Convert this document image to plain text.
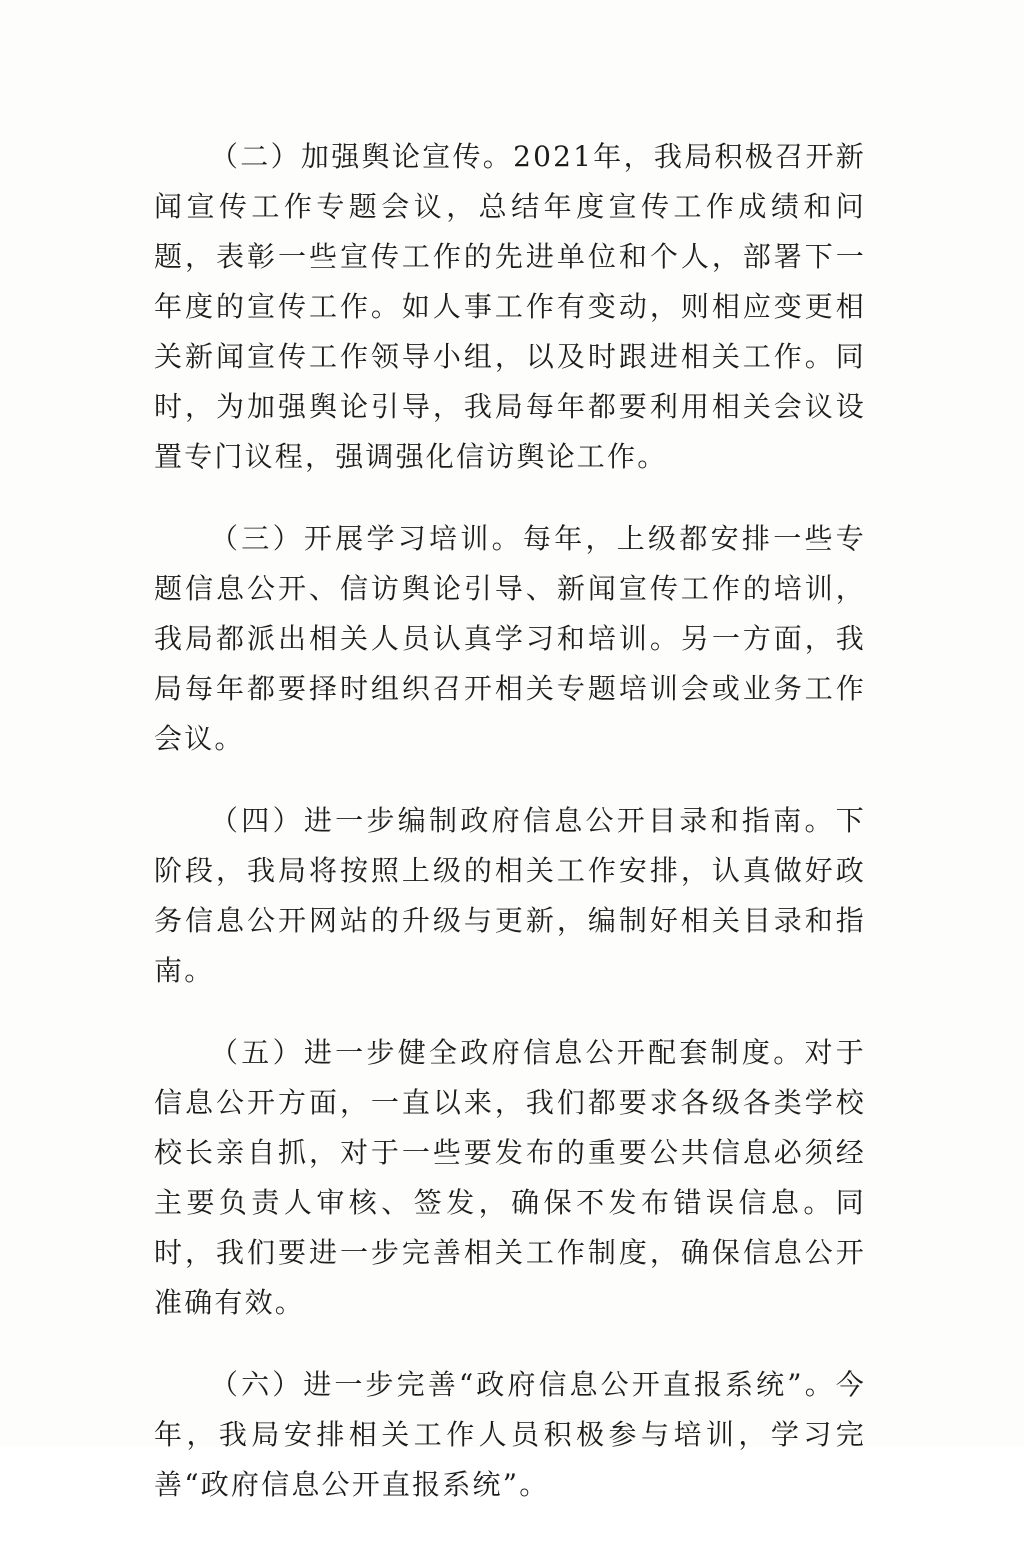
（二）加强舆论宣传。2021年，我局积极召开新闻宣传工作专题会议，总结年度宣传工作成绩和问题，表彰一些宣传工作的先进单位和个人，部署下一年度的宣传工作。如人事工作有变动，则相应变更相关新闻宣传工作领导小组，以及时跟进相关工作。同时，为加强舆论引导，我局每年都要利用相关会议设置专门议程，强调强化信访舆论工作。

（三）开展学习培训。每年，上级都安排一些专题信息公开、信访舆论引导、新闻宣传工作的培训，我局都派出相关人员认真学习和培训。另一方面，我局每年都要择时组织召开相关专题培训会或业务工作会议。

（四）进一步编制政府信息公开目录和指南。下阶段，我局将按照上级的相关工作安排，认真做好政务信息公开网站的升级与更新，编制好相关目录和指南。

（五）进一步健全政府信息公开配套制度。对于信息公开方面，一直以来，我们都要求各级各类学校校长亲自抓，对于一些要发布的重要公共信息必须经主要负责人审核、签发，确保不发布错误信息。同时，我们要进一步完善相关工作制度，确保信息公开准确有效。

（六）进一步完善“政府信息公开直报系统”。今年，我局安排相关工作人员积极参与培训，学习完善“政府信息公开直报系统”。
